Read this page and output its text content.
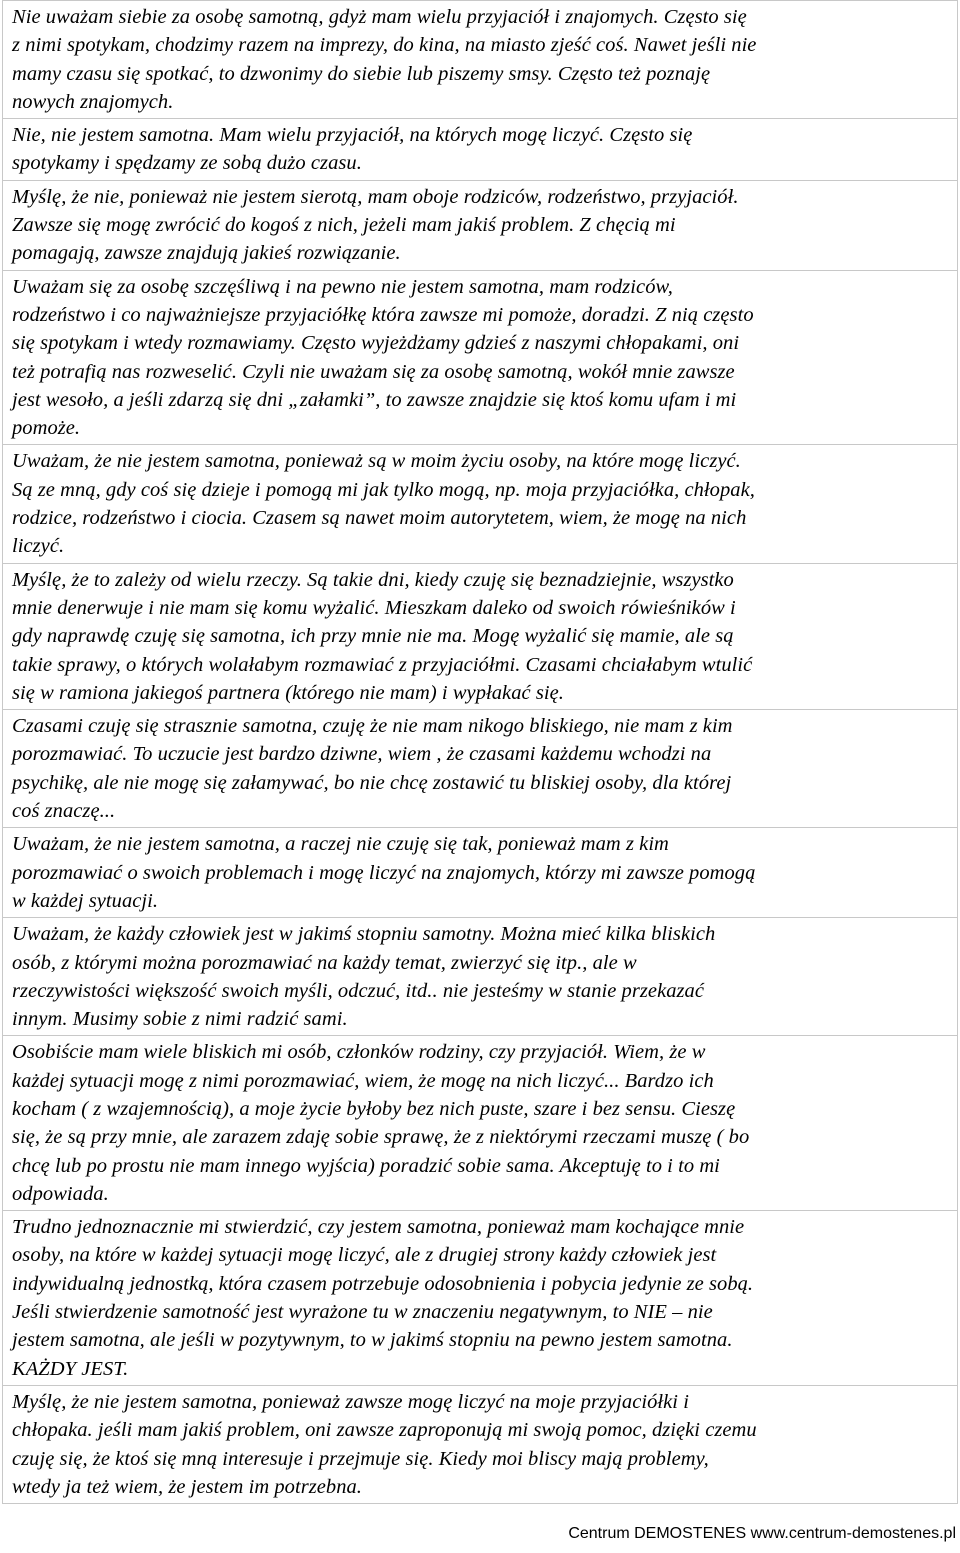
Nie uważam siebie za osobę samotną, gdyż mam wielu przyjaciół i znajomych. Często się
z nimi spotykam, chodzimy razem na imprezy, do kina, na miasto zjeść coś. Nawet jeśli nie
mamy czasu się spotkać, to dzwonimy do siebie lub piszemy smsy. Często też poznaję
nowych znajomych.
Nie, nie jestem samotna. Mam wielu przyjaciół, na których mogę liczyć. Często się
spotykamy i spędzamy ze sobą dużo czasu.
Myślę, że nie, ponieważ nie jestem sierotą, mam oboje rodziców, rodzeństwo, przyjaciół.
Zawsze się mogę zwrócić do kogoś z nich, jeżeli mam jakiś problem. Z chęcią mi
pomagają, zawsze znajdują jakieś rozwiązanie.
Uważam się za osobę szczęśliwą i na pewno nie jestem samotna, mam rodziców,
rodzeństwo i co najważniejsze przyjaciółkę która zawsze mi pomoże, doradzi. Z nią często
się spotykam i wtedy rozmawiamy. Często wyjeżdżamy gdzieś z naszymi chłopakami, oni
też potrafią nas rozweselić. Czyli nie uważam się za osobę samotną, wokół mnie zawsze
jest wesoło, a jeśli zdarzą się dni „załamki”, to zawsze znajdzie się ktoś komu ufam i mi
pomoże.
Uważam, że nie jestem samotna, ponieważ są w moim życiu osoby, na które mogę liczyć.
Są ze mną, gdy coś się dzieje i pomogą mi jak tylko mogą, np. moja przyjaciółka, chłopak,
rodzice, rodzeństwo i ciocia. Czasem są nawet moim autorytetem, wiem, że mogę na nich
liczyć.
Myślę, że to zależy od wielu rzeczy. Są takie dni, kiedy czuję się beznadziejnie, wszystko
mnie denerwuje i nie mam się komu wyżalić. Mieszkam daleko od swoich rówieśników i
gdy naprawdę czuję się samotna, ich przy mnie nie ma. Mogę wyżalić się mamie, ale są
takie sprawy, o których wolałabym rozmawiać z przyjaciółmi. Czasami chciałabym wtulić
się w ramiona jakiegoś partnera (którego nie mam) i wypłakać się.
Czasami czuję się strasznie samotna, czuję że nie mam nikogo bliskiego, nie mam z kim
porozmawiać. To uczucie jest bardzo dziwne, wiem , że czasami każdemu wchodzi na
psychikę, ale nie mogę się załamywać, bo nie chcę zostawić tu bliskiej osoby, dla której
coś znaczę...
Uważam, że nie jestem samotna, a raczej nie czuję się tak, ponieważ mam z kim
porozmawiać o swoich problemach i mogę liczyć na znajomych, którzy mi zawsze pomogą
w każdej sytuacji.
Uważam, że każdy człowiek jest w jakimś stopniu samotny. Można mieć kilka bliskich
osób, z którymi można porozmawiać na każdy temat, zwierzyć się itp., ale w
rzeczywistości większość swoich myśli, odczuć, itd.. nie jesteśmy w stanie przekazać
innym. Musimy sobie z nimi radzić sami.
Osobiście mam wiele bliskich mi osób, członków rodziny, czy przyjaciół. Wiem, że w
każdej sytuacji mogę z nimi porozmawiać, wiem, że mogę na nich liczyć... Bardzo ich
kocham ( z wzajemnością), a moje życie byłoby bez nich puste, szare i bez sensu. Cieszę
się, że są przy mnie, ale zarazem zdaję sobie sprawę, że z niektórymi rzeczami muszę ( bo
chcę lub po prostu nie mam innego wyjścia) poradzić sobie sama. Akceptuję to i to mi
odpowiada.
Trudno jednoznacznie mi stwierdzić, czy jestem samotna, ponieważ mam kochające mnie
osoby, na które w każdej sytuacji mogę liczyć, ale z drugiej strony każdy człowiek jest
indywidualną jednostką, która czasem potrzebuje odosobnienia i pobycia jedynie ze sobą.
Jeśli stwierdzenie samotność jest wyrażone tu w znaczeniu negatywnym, to NIE – nie
jestem samotna, ale jeśli w pozytywnym, to w jakimś stopniu na pewno jestem samotna.
KAŻDY JEST.
Myślę, że nie jestem samotna, ponieważ zawsze mogę liczyć na moje przyjaciółki i
chłopaka. jeśli mam jakiś problem, oni zawsze zaproponują mi swoją pomoc, dzięki czemu
czuję się, że ktoś się mną interesuje i przejmuje się. Kiedy moi bliscy mają problemy,
wtedy ja też wiem, że jestem im potrzebna.
Centrum DEMOSTENES www.centrum-demostenes.pl
